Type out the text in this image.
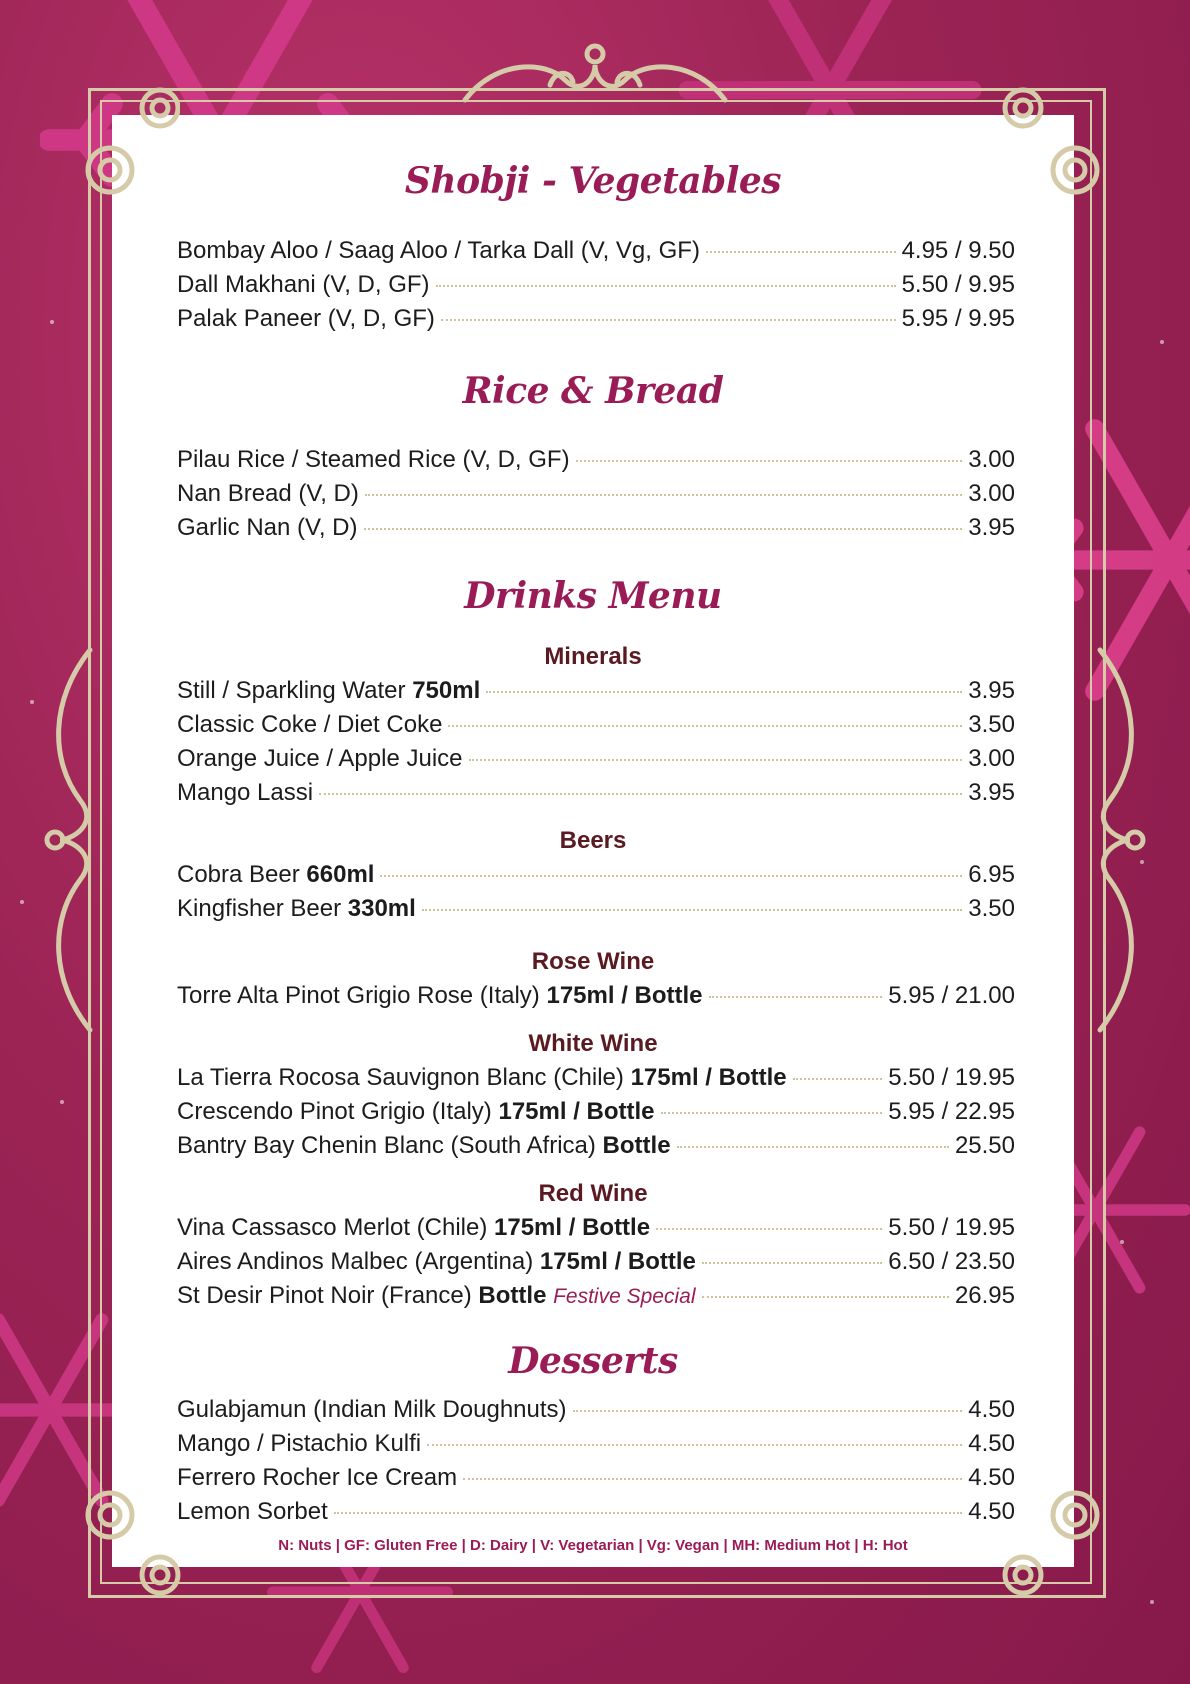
Shobji - Vegetables
Bombay Aloo / Saag Aloo / Tarka Dall (V, Vg, GF)	4.95 / 9.50
Dall Makhani (V, D, GF)	5.50 / 9.95
Palak Paneer (V, D, GF)	5.95 / 9.95
Rice & Bread
Pilau Rice / Steamed Rice (V, D, GF)	3.00
Nan Bread (V, D)	3.00
Garlic Nan (V, D)	3.95
Drinks Menu
Minerals
Still / Sparkling Water 750ml	3.95
Classic Coke / Diet Coke	3.50
Orange Juice / Apple Juice	3.00
Mango Lassi	3.95
Beers
Cobra Beer 660ml	6.95
Kingfisher Beer 330ml	3.50
Rose Wine
Torre Alta Pinot Grigio Rose (Italy) 175ml / Bottle	5.95 / 21.00
White Wine
La Tierra Rocosa Sauvignon Blanc (Chile) 175ml / Bottle	5.50 / 19.95
Crescendo Pinot Grigio (Italy) 175ml / Bottle	5.95 / 22.95
Bantry Bay Chenin Blanc (South Africa) Bottle	25.50
Red Wine
Vina Cassasco Merlot (Chile) 175ml / Bottle	5.50 / 19.95
Aires Andinos Malbec (Argentina) 175ml / Bottle	6.50 / 23.50
St Desir Pinot Noir (France) Bottle Festive Special	26.95
Desserts
Gulabjamun (Indian Milk Doughnuts)	4.50
Mango / Pistachio Kulfi	4.50
Ferrero Rocher Ice Cream	4.50
Lemon Sorbet	4.50
N: Nuts | GF: Gluten Free | D: Dairy | V: Vegetarian | Vg: Vegan | MH: Medium Hot | H: Hot
